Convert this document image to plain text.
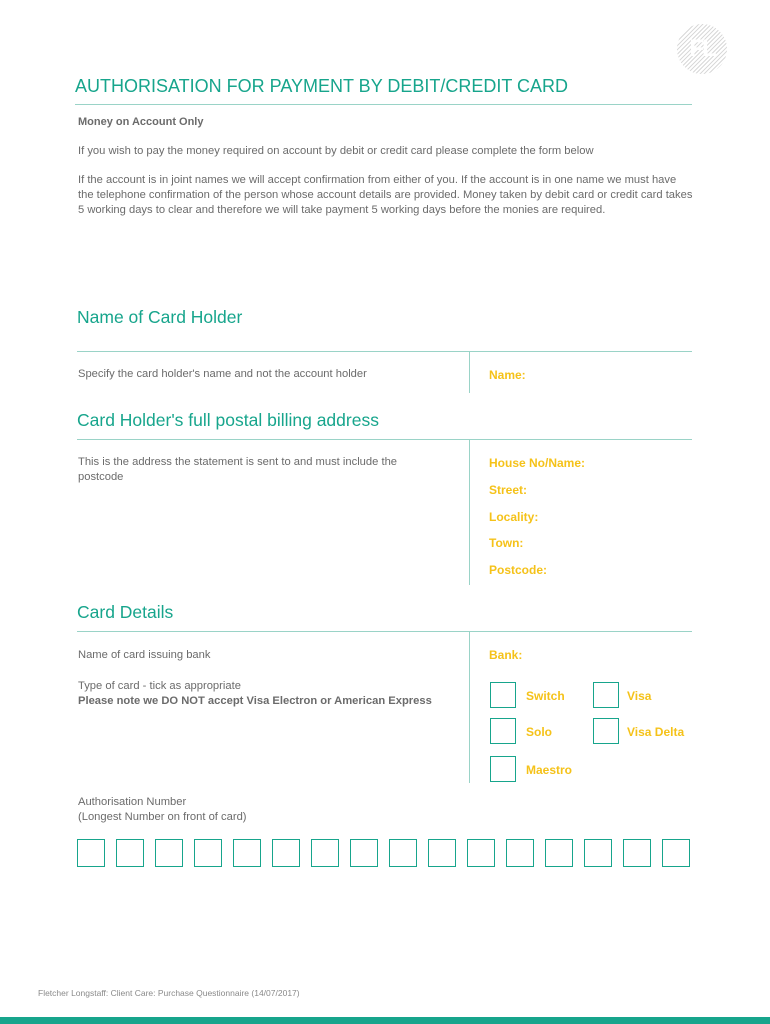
FL
AUTHORISATION FOR PAYMENT BY DEBIT/CREDIT CARD
Money on Account Only
If you wish to pay the money required on account by debit or credit card please complete the form below
If the account is in joint names we will accept confirmation from either of you. If the account is in one name we must have the telephone confirmation of the person whose account details are provided. Money taken by debit card or credit card takes 5 working days to clear and therefore we will take payment 5 working days before the monies are required.
Name of Card Holder
Specify the card holder's name and not the account holder	Name:
Card Holder's full postal billing address
This is the address the statement is sent to and must include the postcode
House No/Name:
Street:
Locality:
Town:
Postcode:
Card Details
Name of card issuing bank	Bank:
Type of card - tick as appropriate
Please note we DO NOT accept Visa Electron or American Express	Switch	Visa
Solo	Visa Delta
Maestro
Authorisation Number
(Longest Number on front of card)
Fletcher Longstaff: Client Care: Purchase Questionnaire (14/07/2017)
